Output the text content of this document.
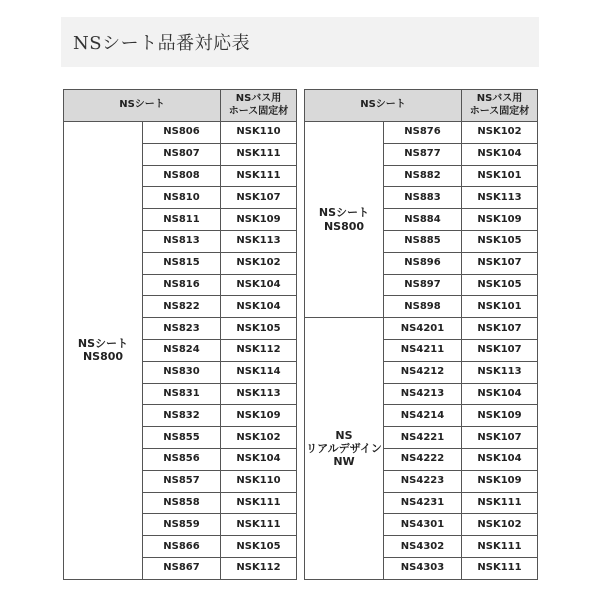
NSシート品番対応表
NSシート		NSバス用
ホース固定材
NSシート
NS800	NS806	NSK110
	NS807	NSK111
	NS808	NSK111
	NS810	NSK107
	NS811	NSK109
	NS813	NSK113
	NS815	NSK102
	NS816	NSK104
	NS822	NSK104
	NS823	NSK105
	NS824	NSK112
	NS830	NSK114
	NS831	NSK113
	NS832	NSK109
	NS855	NSK102
	NS856	NSK104
	NS857	NSK110
	NS858	NSK111
	NS859	NSK111
	NS866	NSK105
	NS867	NSK112
NSシート		NSバス用
ホース固定材
NSシート
NS800	NS876	NSK102
	NS877	NSK104
	NS882	NSK101
	NS883	NSK113
	NS884	NSK109
	NS885	NSK105
	NS896	NSK107
	NS897	NSK105
	NS898	NSK101
NS
リアルデザイン
NW	NS4201	NSK107
	NS4211	NSK107
	NS4212	NSK113
	NS4213	NSK104
	NS4214	NSK109
	NS4221	NSK107
	NS4222	NSK104
	NS4223	NSK109
	NS4231	NSK111
	NS4301	NSK102
	NS4302	NSK111
	NS4303	NSK111
